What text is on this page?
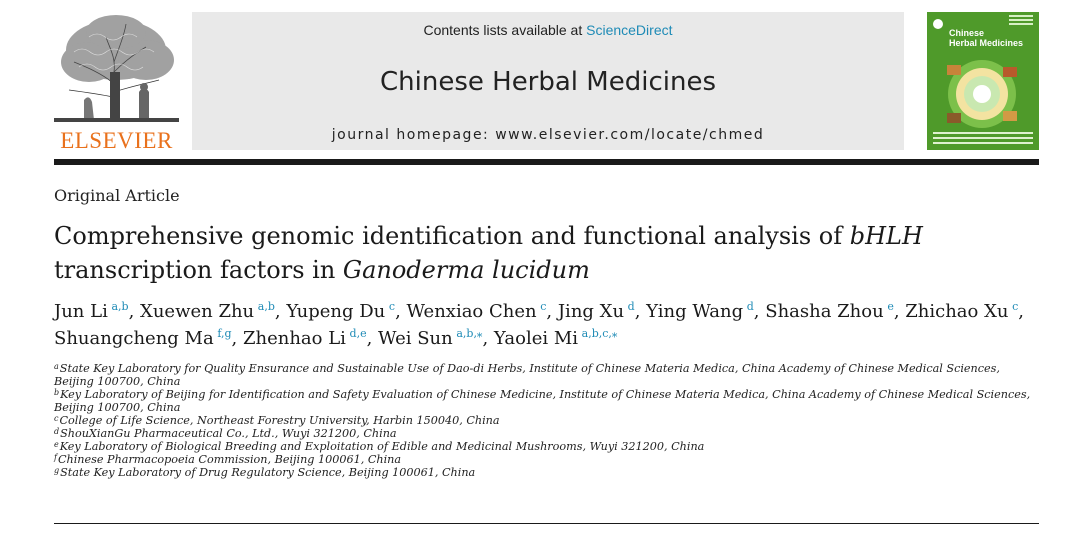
ELSEVIER
Contents lists available at ScienceDirect
Chinese Herbal Medicines
journal homepage: www.elsevier.com/locate/chmed
Chinese
Herbal Medicines
Original Article
Comprehensive genomic identification and functional analysis of bHLH
transcription factors in Ganoderma lucidum
Jun Li  $^{a,b}$, Xuewen Zhu  $^{a,b}$, Yupeng Du  $^c$, Wenxiao Chen  $^c$, Jing Xu  $^d$, Ying Wang  $^d$, Shasha Zhou  $^e$, Zhichao Xu  $^c$,
Shuangcheng Ma  $^{f,g}$, Zhenhao Li  $^{d,e}$, Wei Sun  $^{a,b,⁎}$, Yaolei Mi  $^{a,b,c,⁎}$
$^a$State Key Laboratory for Quality Ensurance and Sustainable Use of Dao-di Herbs, Institute of Chinese Materia Medica, China Academy of Chinese Medical Sciences, Beijing 100700, China
$^b$Key Laboratory of Beijing for Identification and Safety Evaluation of Chinese Medicine, Institute of Chinese Materia Medica, China Academy of Chinese Medical Sciences, Beijing 100700, China
$^c$College of Life Science, Northeast Forestry University, Harbin 150040, China
$^d$ShouXianGu Pharmaceutical Co., Ltd., Wuyi 321200, China
$^e$Key Laboratory of Biological Breeding and Exploitation of Edible and Medicinal Mushrooms, Wuyi 321200, China
$^f$Chinese Pharmacopoeia Commission, Beijing 100061, China
$^g$State Key Laboratory of Drug Regulatory Science, Beijing 100061, China
